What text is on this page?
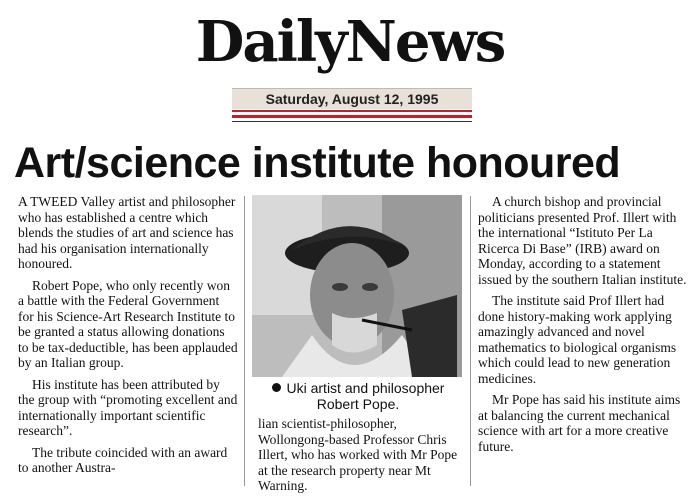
DailyNews
Saturday, August 12, 1995
Art/science institute honoured

A TWEED Valley artist and philosopher who has established a centre which blends the studies of art and science has had his organisation internationally honoured.

Robert Pope, who only recently won a battle with the Federal Government for his Science-Art Research Institute to be granted a status allowing donations to be tax-deductible, has been applauded by an Italian group.

His institute has been attributed by the group with “promoting excellent and internationally important scientific research”.

The tribute coincided with an award to another Austra-

Uki artist and philosopher Robert Pope.

lian scientist-philosopher, Wollongong-based Professor Chris Illert, who has worked with Mr Pope at the research property near Mt Warning.

A church bishop and provincial politicians presented Prof. Illert with the international “Istituto Per La Ricerca Di Base” (IRB) award on Monday, according to a statement issued by the southern Italian institute.

The institute said Prof Illert had done history-making work applying amazingly advanced and novel mathematics to biological organisms which could lead to new generation medicines.

Mr Pope has said his institute aims at balancing the current mechanical science with art for a more creative future.
